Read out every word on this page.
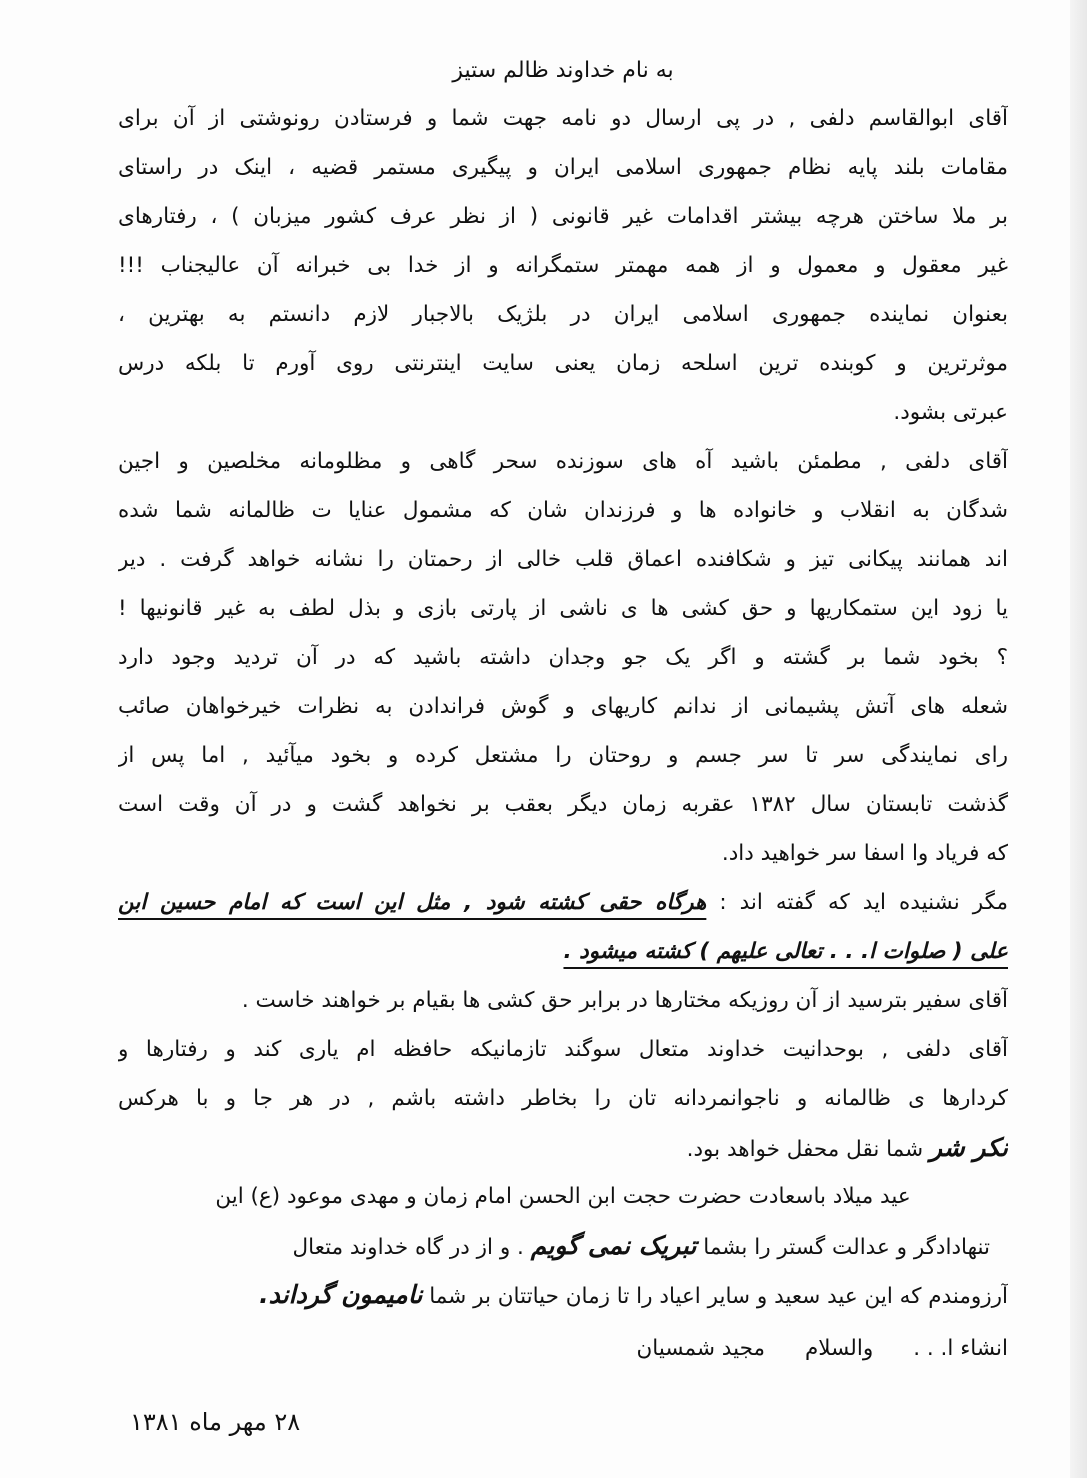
به نام خداوند ظالم ستیز
آقای ابوالقاسم دلفی , در پی ارسال دو نامه جهت شما و فرستادن رونوشتی از آن برای
مقامات بلند پایه نظام جمهوری اسلامی ایران و پیگیری مستمر قضیه ، اینک در راستای
بر ملا ساختن هرچه بیشتر اقدامات غیر قانونی ( از نظر عرف کشور میزبان ) ، رفتارهای
غیر معقول و معمول و از همه مهمتر ستمگرانه و از خدا بی خبرانه آن عالیجناب !!!
بعنوان نماینده جمهوری اسلامی ایران در بلژیک بالاجبار لازم دانستم به بهترین ،
موثرترین و کوبنده ترین اسلحه زمان یعنی سایت اینترنتی روی آورم تا بلکه درس
عبرتی بشود.
آقای دلفی , مطمئن باشید آه های سوزنده سحر گاهی و مظلومانه مخلصین و اجین
شدگان به انقلاب و خانواده ها و فرزندان شان که مشمول عنایا ت ظالمانه شما شده
اند همانند پیکانی تیز و شکافنده اعماق قلب خالی از رحمتان را نشانه خواهد گرفت . دیر
یا زود این ستمکاریها و حق کشی ها ی ناشی از پارتی بازی و بذل لطف به غیر قانونیها !
؟ بخود شما بر گشته و اگر یک جو وجدان داشته باشید که در آن تردید وجود دارد
شعله های آتش پشیمانی از ندانم کاریهای و گوش فراندادن به نظرات خیرخواهان صائب
رای نمایندگی سر تا سر جسم و روحتان را مشتعل کرده و بخود میآئید , اما پس از
گذشت تابستان سال ۱۳۸۲ عقربه زمان دیگر بعقب بر نخواهد گشت و در آن وقت است
که فریاد وا اسفا سر خواهید داد.
مگر نشنیده اید که گفته اند : هرگاه حقی کشته شود , مثل این است که امام حسین ابن
علی ( صلوات ا. . . تعالی علیهم ) کشته میشود .
آقای سفیر بترسید از آن روزیکه مختارها در برابر حق کشی ها بقیام بر خواهند خاست .
آقای دلفی , بوحدانیت خداوند متعال سوگند تازمانیکه حافظه ام یاری کند و رفتارها و
کردارها ی ظالمانه و ناجوانمردانه تان را بخاطر داشته باشم , در هر جا و با هرکس
نکر شر شما نقل محفل خواهد بود.
عید میلاد باسعادت حضرت حجت ابن الحسن امام زمان و مهدی موعود (ع) این
تنهادادگر و عدالت گستر را بشما تبریک نمی گویم . و از در گاه خداوند متعال
آرزومندم که این عید سعید و سایر اعیاد را تا زمان حیاتتان بر شما نامیمون گرداند.
انشاء ا. . .
والسلام
مجید شمسیان
۲۸ مهر ماه ۱۳۸۱
